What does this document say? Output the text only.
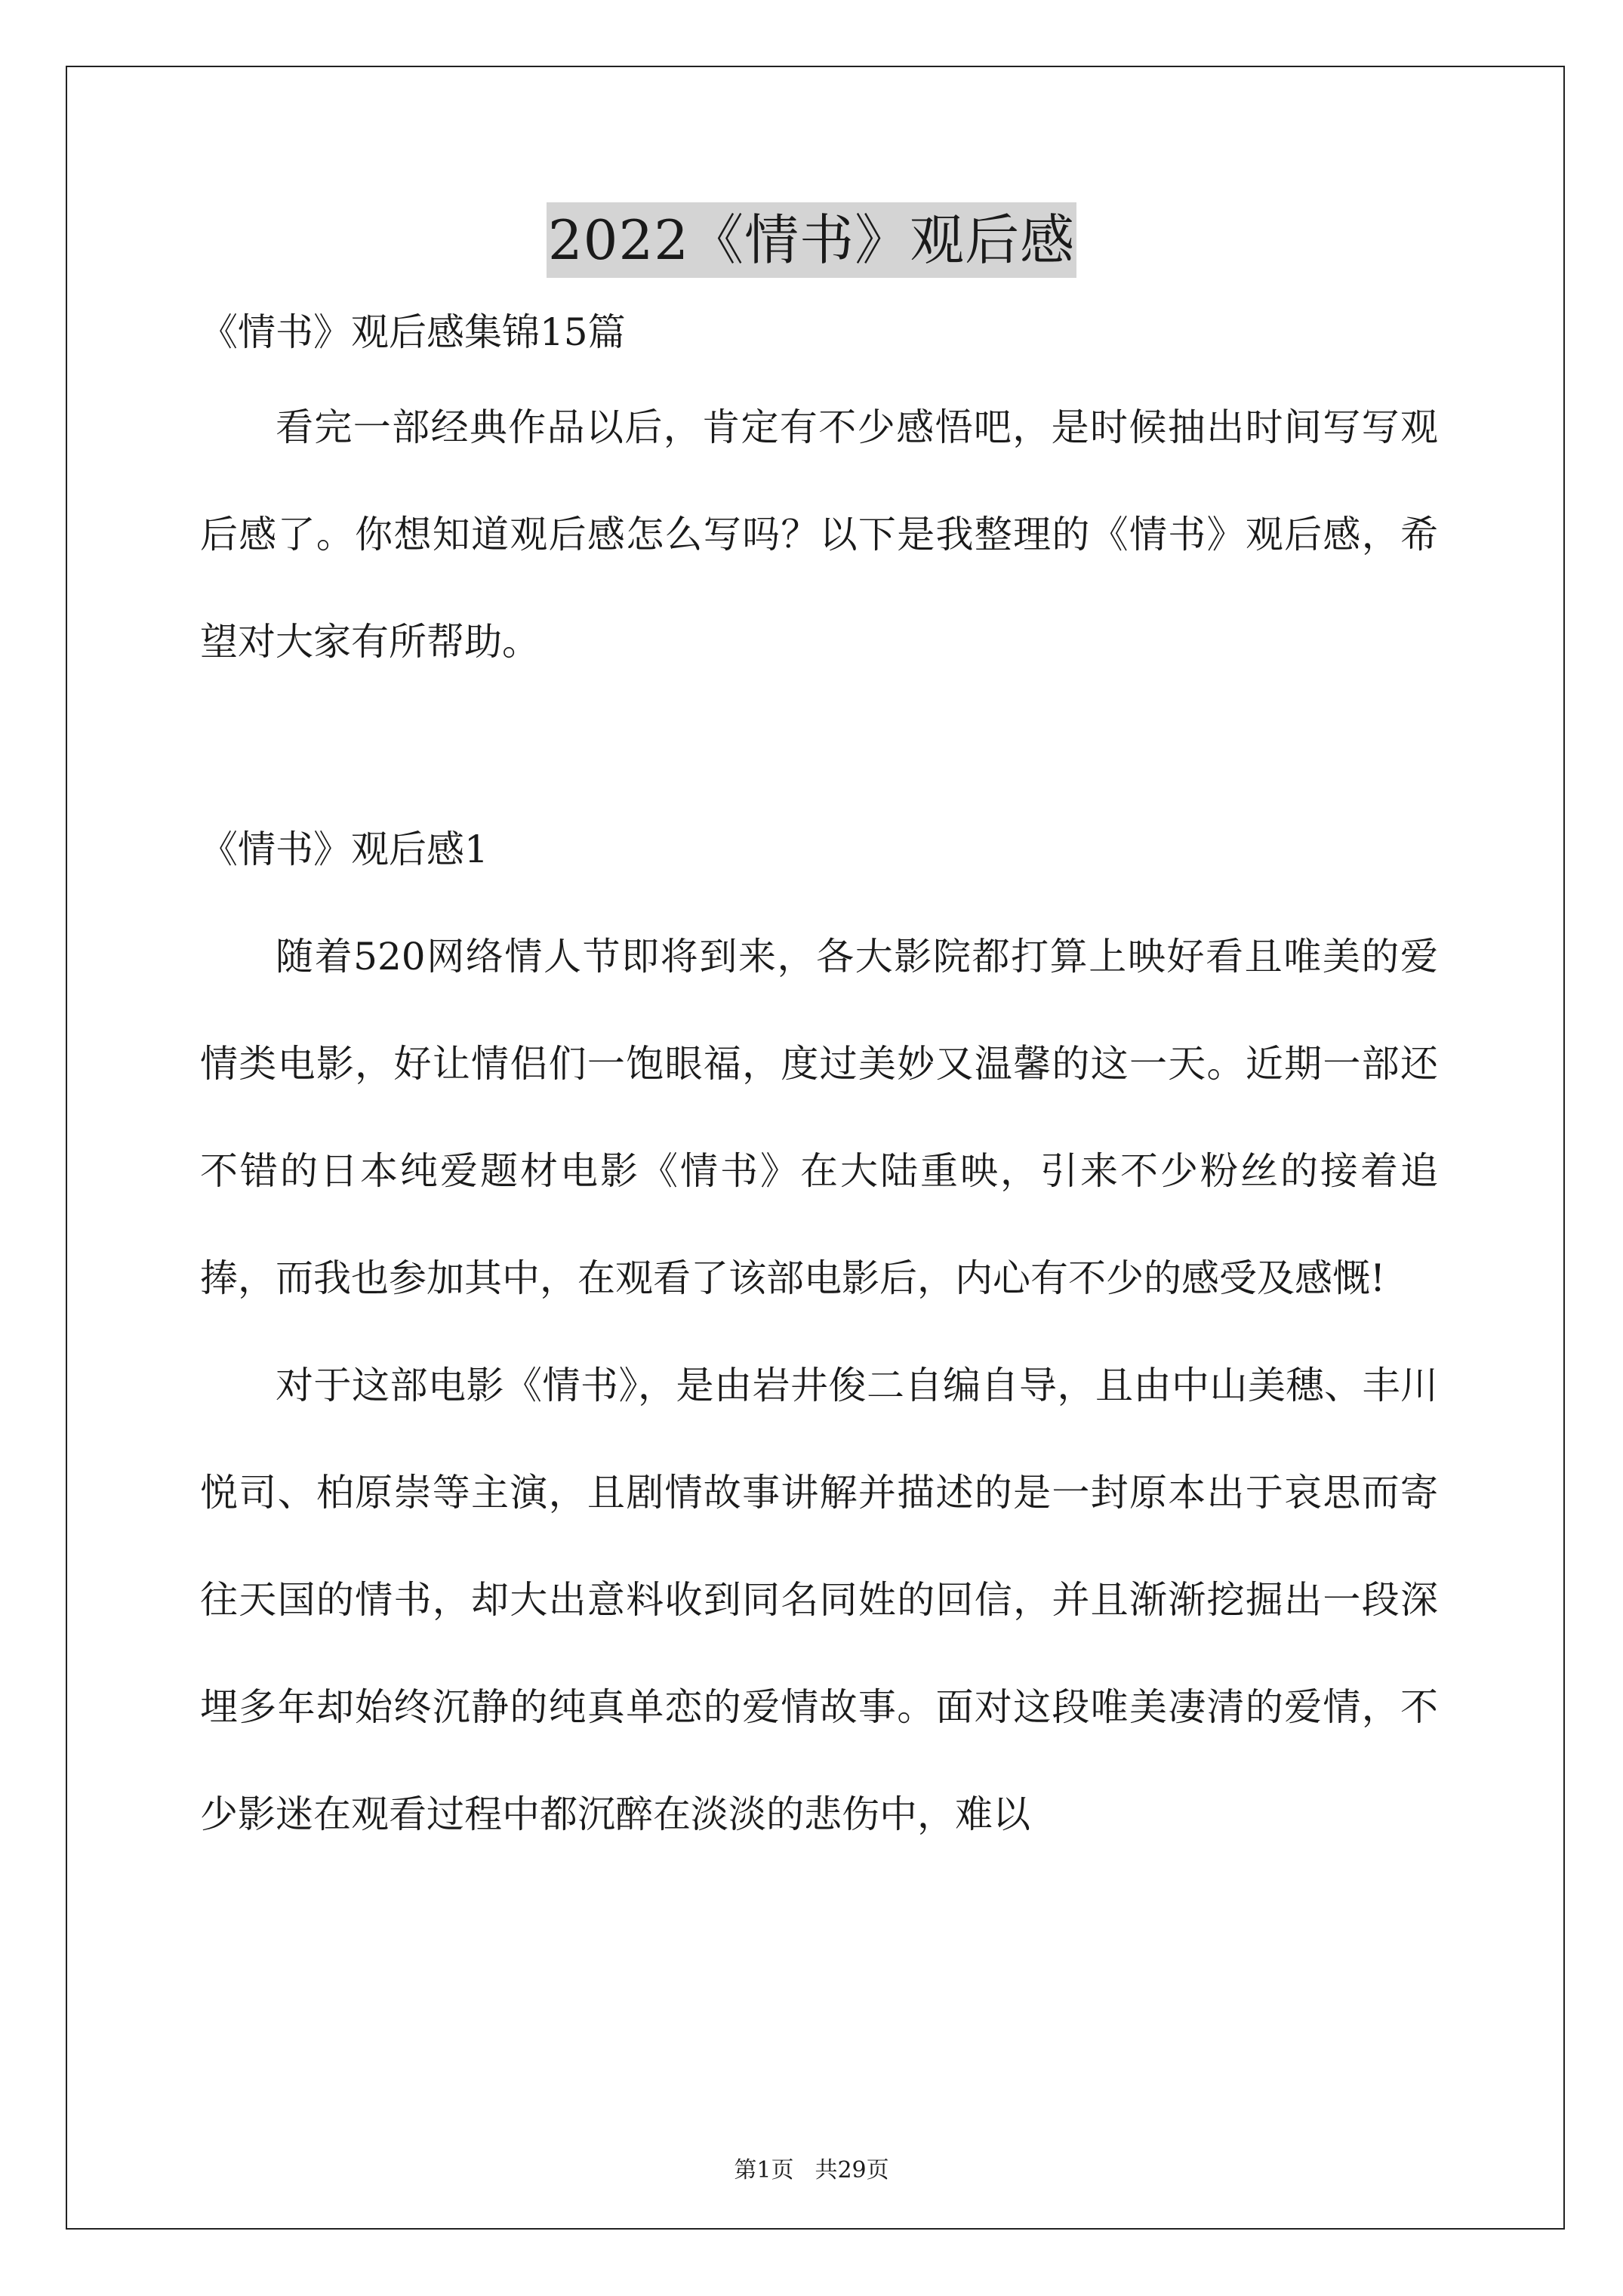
2022《情书》观后感
《情书》观后感集锦15篇

看完一部经典作品以后，肯定有不少感悟吧，是时候抽出时间写写观后感了。你想知道观后感怎么写吗？以下是我整理的《情书》观后感，希望对大家有所帮助。

《情书》观后感1

随着520网络情人节即将到来，各大影院都打算上映好看且唯美的爱情类电影，好让情侣们一饱眼福，度过美妙又温馨的这一天。近期一部还不错的日本纯爱题材电影《情书》在大陆重映，引来不少粉丝的接着追捧，而我也参加其中，在观看了该部电影后，内心有不少的感受及感慨!

对于这部电影《情书》，是由岩井俊二自编自导，且由中山美穗、丰川悦司、柏原崇等主演，且剧情故事讲解并描述的是一封原本出于哀思而寄往天国的情书，却大出意料收到同名同姓的回信，并且渐渐挖掘出一段深埋多年却始终沉静的纯真单恋的爱情故事。面对这段唯美凄清的爱情，不少影迷在观看过程中都沉醉在淡淡的悲伤中，难以

第1页 共29页
